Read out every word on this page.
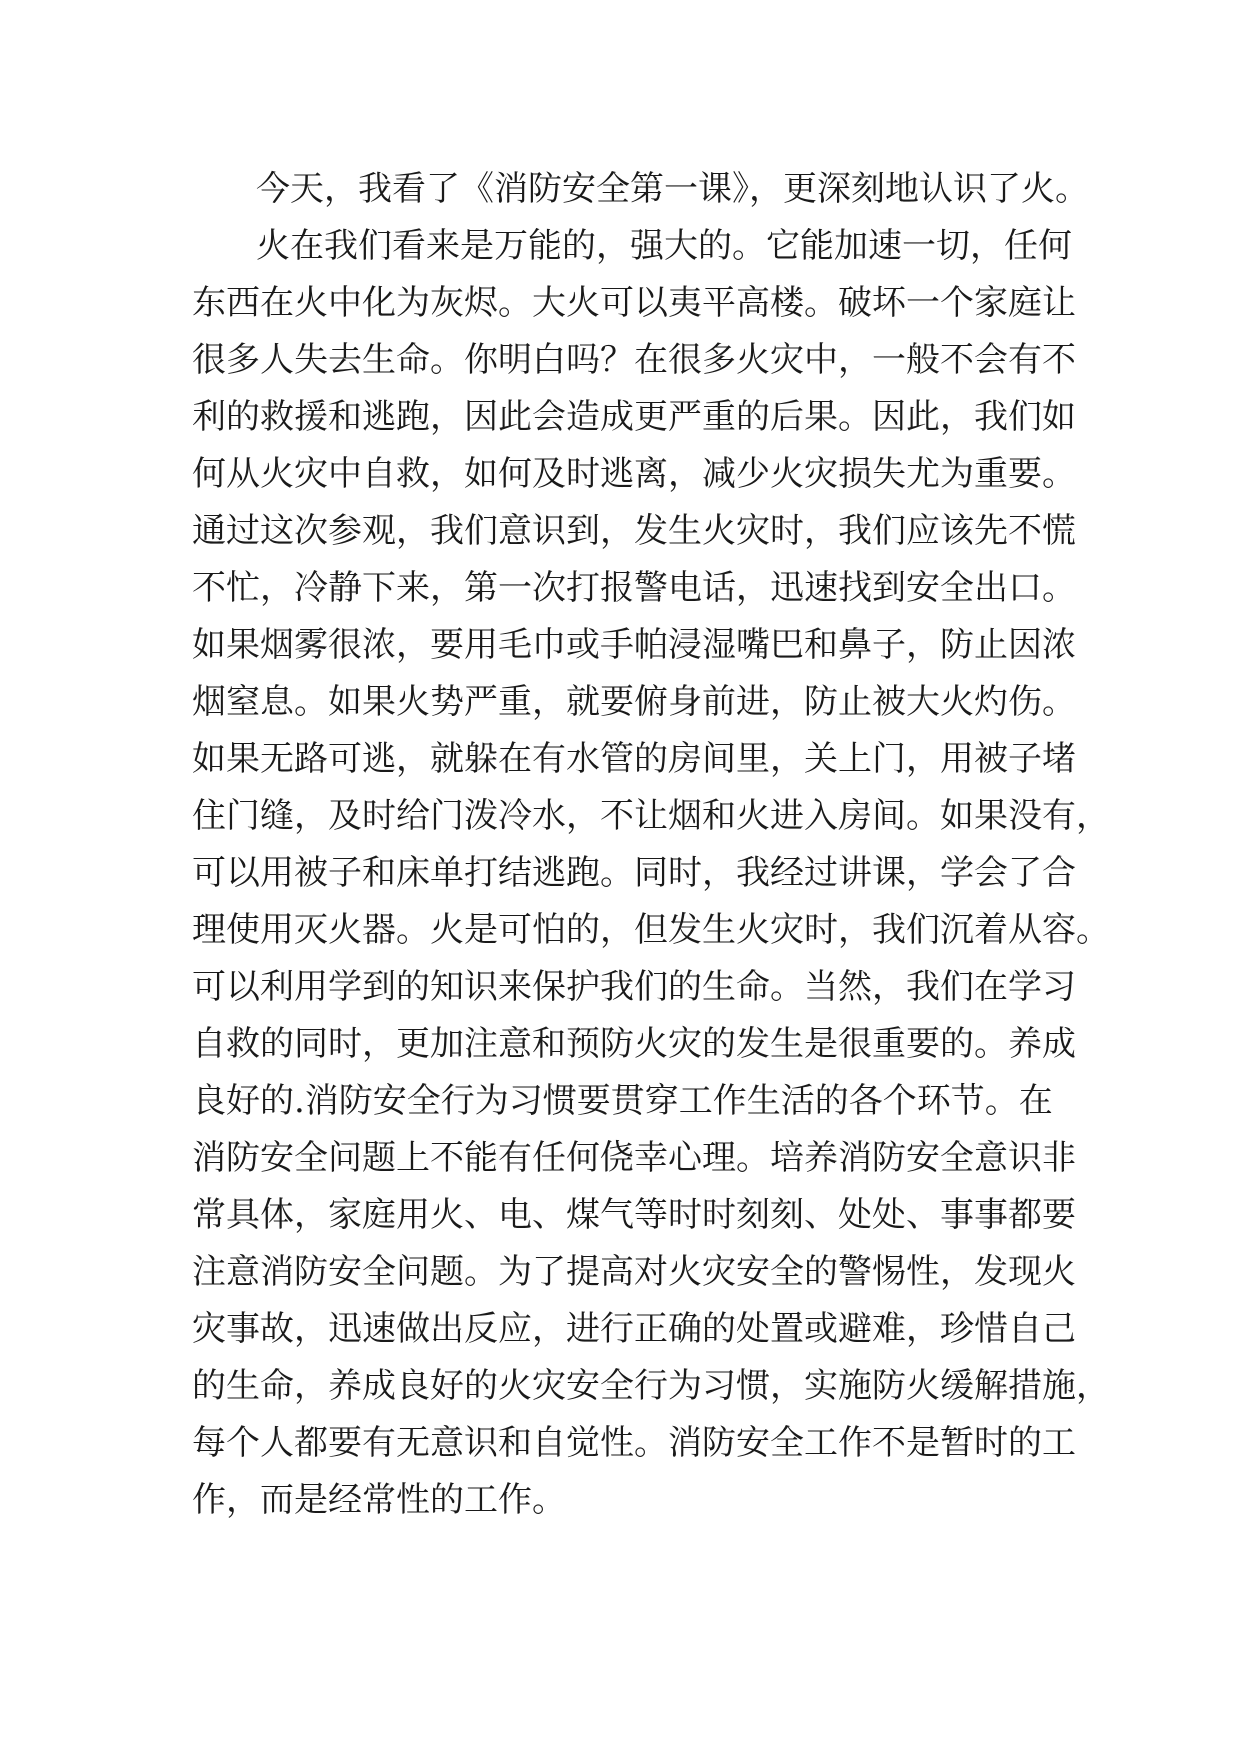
今天，我看了《消防安全第一课》，更深刻地认识了火。
火在我们看来是万能的，强大的。它能加速一切，任何
东西在火中化为灰烬。大火可以夷平高楼。破坏一个家庭让
很多人失去生命。你明白吗？在很多火灾中，一般不会有不
利的救援和逃跑，因此会造成更严重的后果。因此，我们如
何从火灾中自救，如何及时逃离，减少火灾损失尤为重要。
通过这次参观，我们意识到，发生火灾时，我们应该先不慌
不忙，冷静下来，第一次打报警电话，迅速找到安全出口。
如果烟雾很浓，要用毛巾或手帕浸湿嘴巴和鼻子，防止因浓
烟窒息。如果火势严重，就要俯身前进，防止被大火灼伤。
如果无路可逃，就躲在有水管的房间里，关上门，用被子堵
住门缝，及时给门泼冷水，不让烟和火进入房间。如果没有，
可以用被子和床单打结逃跑。同时，我经过讲课，学会了合
理使用灭火器。火是可怕的，但发生火灾时，我们沉着从容。
可以利用学到的知识来保护我们的生命。当然，我们在学习
自救的同时，更加注意和预防火灾的发生是很重要的。养成
良好的.消防安全行为习惯要贯穿工作生活的各个环节。在
消防安全问题上不能有任何侥幸心理。培养消防安全意识非
常具体，家庭用火、电、煤气等时时刻刻、处处、事事都要
注意消防安全问题。为了提高对火灾安全的警惕性，发现火
灾事故，迅速做出反应，进行正确的处置或避难，珍惜自己
的生命，养成良好的火灾安全行为习惯，实施防火缓解措施，
每个人都要有无意识和自觉性。消防安全工作不是暂时的工
作，而是经常性的工作。
